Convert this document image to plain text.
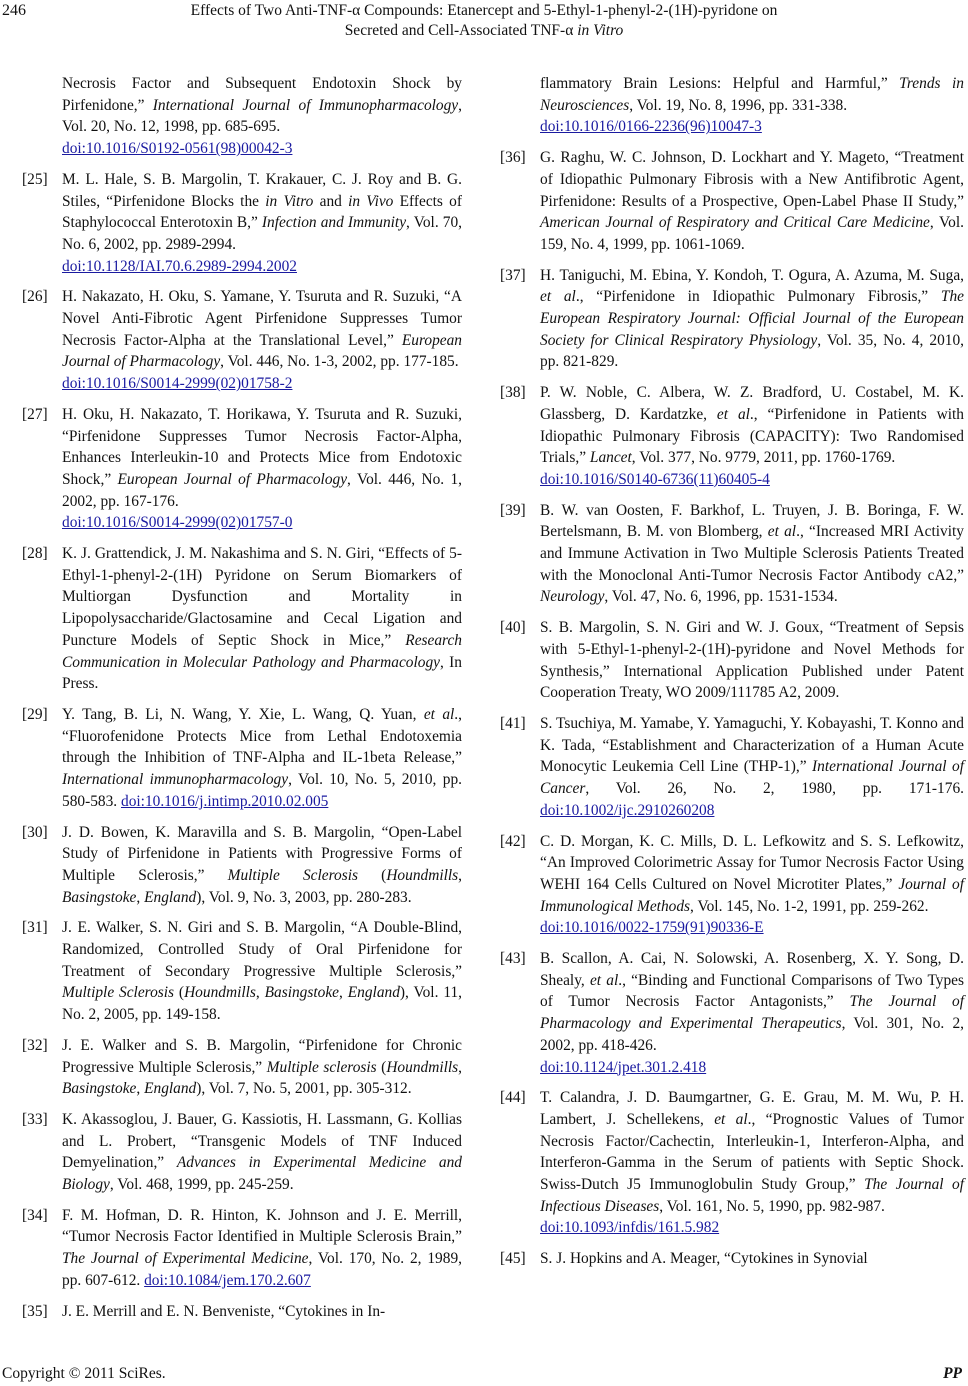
246	Effects of Two Anti-TNF-α Compounds: Etanercept and 5-Ethyl-1-phenyl-2-(1H)-pyridone on
Secreted and Cell-Associated TNF-α in Vitro
Necrosis Factor and Subsequent Endotoxin Shock by Pirfenidone,” International Journal of Immunopharmacology, Vol. 20, No. 12, 1998, pp. 685-695.
doi:10.1016/S0192-0561(98)00042-3
[25] M. L. Hale, S. B. Margolin, T. Krakauer, C. J. Roy and B. G. Stiles, “Pirfenidone Blocks the in Vitro and in Vivo Effects of Staphylococcal Enterotoxin B,” Infection and Immunity, Vol. 70, No. 6, 2002, pp. 2989-2994.
doi:10.1128/IAI.70.6.2989-2994.2002
[26] H. Nakazato, H. Oku, S. Yamane, Y. Tsuruta and R. Suzuki, “A Novel Anti-Fibrotic Agent Pirfenidone Suppresses Tumor Necrosis Factor-Alpha at the Translational Level,” European Journal of Pharmacology, Vol. 446, No. 1-3, 2002, pp. 177-185.
doi:10.1016/S0014-2999(02)01758-2
[27] H. Oku, H. Nakazato, T. Horikawa, Y. Tsuruta and R. Suzuki, “Pirfenidone Suppresses Tumor Necrosis Factor-Alpha, Enhances Interleukin-10 and Protects Mice from Endotoxic Shock,” European Journal of Pharmacology, Vol. 446, No. 1, 2002, pp. 167-176.
doi:10.1016/S0014-2999(02)01757-0
[28] K. J. Grattendick, J. M. Nakashima and S. N. Giri, “Effects of 5-Ethyl-1-phenyl-2-(1H) Pyridone on Serum Biomarkers of Multiorgan Dysfunction and Mortality in Lipopolysaccharide/Glactosamine and Cecal Ligation and Puncture Models of Septic Shock in Mice,” Research Communication in Molecular Pathology and Pharmacology, In Press.
[29] Y. Tang, B. Li, N. Wang, Y. Xie, L. Wang, Q. Yuan, et al., “Fluorofenidone Protects Mice from Lethal Endotoxemia through the Inhibition of TNF-Alpha and IL-1beta Release,” International immunopharmacology, Vol. 10, No. 5, 2010, pp. 580-583. doi:10.1016/j.intimp.2010.02.005
[30] J. D. Bowen, K. Maravilla and S. B. Margolin, “Open-Label Study of Pirfenidone in Patients with Progressive Forms of Multiple Sclerosis,” Multiple Sclerosis (Houndmills, Basingstoke, England), Vol. 9, No. 3, 2003, pp. 280-283.
[31] J. E. Walker, S. N. Giri and S. B. Margolin, “A Double-Blind, Randomized, Controlled Study of Oral Pirfenidone for Treatment of Secondary Progressive Multiple Sclerosis,” Multiple Sclerosis (Houndmills, Basingstoke, England), Vol. 11, No. 2, 2005, pp. 149-158.
[32] J. E. Walker and S. B. Margolin, “Pirfenidone for Chronic Progressive Multiple Sclerosis,” Multiple sclerosis (Houndmills, Basingstoke, England), Vol. 7, No. 5, 2001, pp. 305-312.
[33] K. Akassoglou, J. Bauer, G. Kassiotis, H. Lassmann, G. Kollias and L. Probert, “Transgenic Models of TNF Induced Demyelination,” Advances in Experimental Medicine and Biology, Vol. 468, 1999, pp. 245-259.
[34] F. M. Hofman, D. R. Hinton, K. Johnson and J. E. Merrill, “Tumor Necrosis Factor Identified in Multiple Sclerosis Brain,” The Journal of Experimental Medicine, Vol. 170, No. 2, 1989, pp. 607-612. doi:10.1084/jem.170.2.607
[35] J. E. Merrill and E. N. Benveniste, “Cytokines in In-
flammatory Brain Lesions: Helpful and Harmful,” Trends in Neurosciences, Vol. 19, No. 8, 1996, pp. 331-338.
doi:10.1016/0166-2236(96)10047-3
[36] G. Raghu, W. C. Johnson, D. Lockhart and Y. Mageto, “Treatment of Idiopathic Pulmonary Fibrosis with a New Antifibrotic Agent, Pirfenidone: Results of a Prospective, Open-Label Phase II Study,” American Journal of Respiratory and Critical Care Medicine, Vol. 159, No. 4, 1999, pp. 1061-1069.
[37] H. Taniguchi, M. Ebina, Y. Kondoh, T. Ogura, A. Azuma, M. Suga, et al., “Pirfenidone in Idiopathic Pulmonary Fibrosis,” The European Respiratory Journal: Official Journal of the European Society for Clinical Respiratory Physiology, Vol. 35, No. 4, 2010, pp. 821-829.
[38] P. W. Noble, C. Albera, W. Z. Bradford, U. Costabel, M. K. Glassberg, D. Kardatzke, et al., “Pirfenidone in Patients with Idiopathic Pulmonary Fibrosis (CAPACITY): Two Randomised Trials,” Lancet, Vol. 377, No. 9779, 2011, pp. 1760-1769.
doi:10.1016/S0140-6736(11)60405-4
[39] B. W. van Oosten, F. Barkhof, L. Truyen, J. B. Boringa, F. W. Bertelsmann, B. M. von Blomberg, et al., “Increased MRI Activity and Immune Activation in Two Multiple Sclerosis Patients Treated with the Monoclonal Anti-Tumor Necrosis Factor Antibody cA2,” Neurology, Vol. 47, No. 6, 1996, pp. 1531-1534.
[40] S. B. Margolin, S. N. Giri and W. J. Goux, “Treatment of Sepsis with 5-Ethyl-1-phenyl-2-(1H)-pyridone and Novel Methods for Synthesis,” International Application Published under Patent Cooperation Treaty, WO 2009/111785 A2, 2009.
[41] S. Tsuchiya, M. Yamabe, Y. Yamaguchi, Y. Kobayashi, T. Konno and K. Tada, “Establishment and Characterization of a Human Acute Monocytic Leukemia Cell Line (THP-1),” International Journal of Cancer, Vol. 26, No. 2, 1980, pp. 171-176. doi:10.1002/ijc.2910260208
[42] C. D. Morgan, K. C. Mills, D. L. Lefkowitz and S. S. Lefkowitz, “An Improved Colorimetric Assay for Tumor Necrosis Factor Using WEHI 164 Cells Cultured on Novel Microtiter Plates,” Journal of Immunological Methods, Vol. 145, No. 1-2, 1991, pp. 259-262.
doi:10.1016/0022-1759(91)90336-E
[43] B. Scallon, A. Cai, N. Solowski, A. Rosenberg, X. Y. Song, D. Shealy, et al., “Binding and Functional Comparisons of Two Types of Tumor Necrosis Factor Antagonists,” The Journal of Pharmacology and Experimental Therapeutics, Vol. 301, No. 2, 2002, pp. 418-426.
doi:10.1124/jpet.301.2.418
[44] T. Calandra, J. D. Baumgartner, G. E. Grau, M. M. Wu, P. H. Lambert, J. Schellekens, et al., “Prognostic Values of Tumor Necrosis Factor/Cachectin, Interleukin-1, Interferon-Alpha, and Interferon-Gamma in the Serum of patients with Septic Shock. Swiss-Dutch J5 Immunoglobulin Study Group,” The Journal of Infectious Diseases, Vol. 161, No. 5, 1990, pp. 982-987.
doi:10.1093/infdis/161.5.982
[45] S. J. Hopkins and A. Meager, “Cytokines in Synovial
Copyright © 2011 SciRes.	PP
